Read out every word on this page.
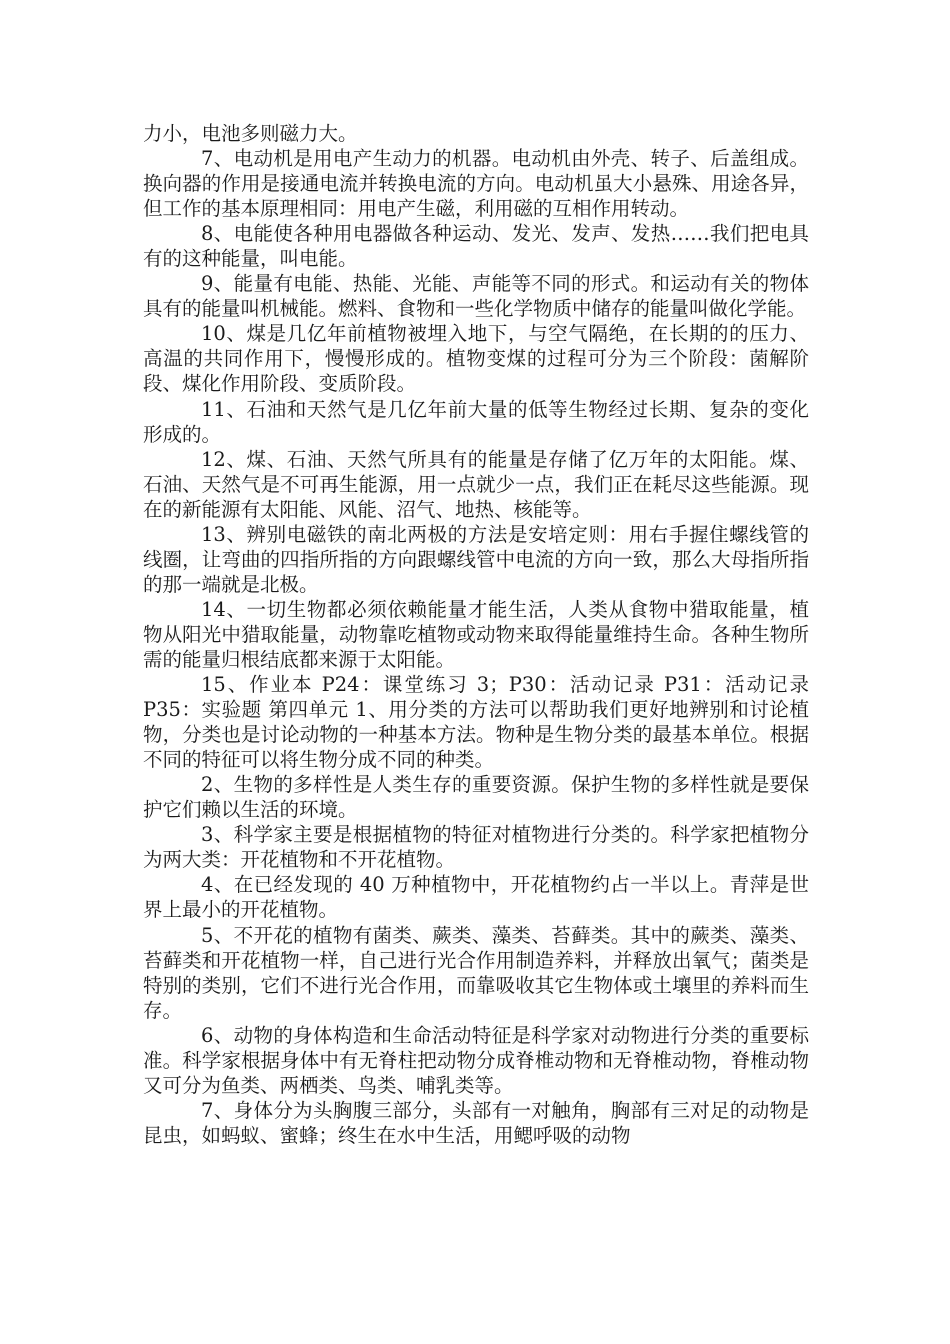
力小，电池多则磁力大。

7、电动机是用电产生动力的机器。电动机由外壳、转子、后盖组成。换向器的作用是接通电流并转换电流的方向。电动机虽大小悬殊、用途各异，但工作的基本原理相同：用电产生磁，利用磁的互相作用转动。

8、电能使各种用电器做各种运动、发光、发声、发热……我们把电具有的这种能量，叫电能。

9、能量有电能、热能、光能、声能等不同的形式。和运动有关的物体具有的能量叫机械能。燃料、食物和一些化学物质中储存的能量叫做化学能。

10、煤是几亿年前植物被埋入地下，与空气隔绝，在长期的的压力、高温的共同作用下，慢慢形成的。植物变煤的过程可分为三个阶段：菌解阶段、煤化作用阶段、变质阶段。

11、石油和天然气是几亿年前大量的低等生物经过长期、复杂的变化形成的。

12、煤、石油、天然气所具有的能量是存储了亿万年的太阳能。煤、石油、天然气是不可再生能源，用一点就少一点，我们正在耗尽这些能源。现在的新能源有太阳能、风能、沼气、地热、核能等。

13、辨别电磁铁的南北两极的方法是安培定则：用右手握住螺线管的线圈，让弯曲的四指所指的方向跟螺线管中电流的方向一致，那么大母指所指的那一端就是北极。

14、一切生物都必须依赖能量才能生活，人类从食物中猎取能量，植物从阳光中猎取能量，动物靠吃植物或动物来取得能量维持生命。各种生物所需的能量归根结底都来源于太阳能。

15、作业本 P24：课堂练习 3；P30：活动记录 P31：活动记录 P35：实验题 第四单元 1、用分类的方法可以帮助我们更好地辨别和讨论植物，分类也是讨论动物的一种基本方法。物种是生物分类的最基本单位。根据不同的特征可以将生物分成不同的种类。

2、生物的多样性是人类生存的重要资源。保护生物的多样性就是要保护它们赖以生活的环境。

3、科学家主要是根据植物的特征对植物进行分类的。科学家把植物分为两大类：开花植物和不开花植物。

4、在已经发现的 40 万种植物中，开花植物约占一半以上。青萍是世界上最小的开花植物。

5、不开花的植物有菌类、蕨类、藻类、苔藓类。其中的蕨类、藻类、苔藓类和开花植物一样，自己进行光合作用制造养料，并释放出氧气；菌类是特别的类别，它们不进行光合作用，而靠吸收其它生物体或土壤里的养料而生存。

6、动物的身体构造和生命活动特征是科学家对动物进行分类的重要标准。科学家根据身体中有无脊柱把动物分成脊椎动物和无脊椎动物，脊椎动物又可分为鱼类、两栖类、鸟类、哺乳类等。

7、身体分为头胸腹三部分，头部有一对触角，胸部有三对足的动物是昆虫，如蚂蚁、蜜蜂；终生在水中生活，用鳃呼吸的动物
